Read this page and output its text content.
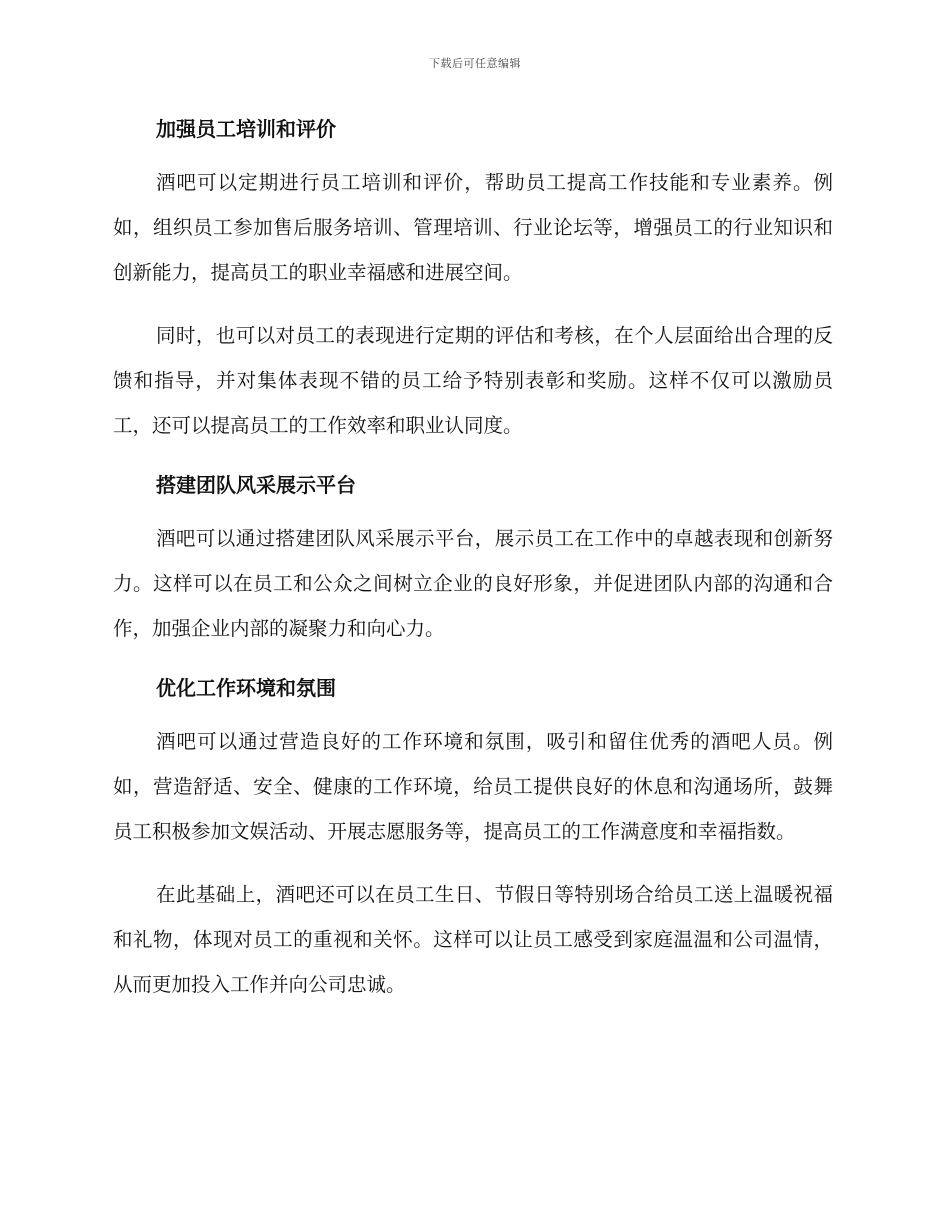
下载后可任意编辑
加强员工培训和评价

酒吧可以定期进行员工培训和评价，帮助员工提高工作技能和专业素养。例如，组织员工参加售后服务培训、管理培训、行业论坛等，增强员工的行业知识和创新能力，提高员工的职业幸福感和进展空间。

同时，也可以对员工的表现进行定期的评估和考核，在个人层面给出合理的反馈和指导，并对集体表现不错的员工给予特别表彰和奖励。这样不仅可以激励员工，还可以提高员工的工作效率和职业认同度。

搭建团队风采展示平台

酒吧可以通过搭建团队风采展示平台，展示员工在工作中的卓越表现和创新努力。这样可以在员工和公众之间树立企业的良好形象，并促进团队内部的沟通和合作，加强企业内部的凝聚力和向心力。

优化工作环境和氛围

酒吧可以通过营造良好的工作环境和氛围，吸引和留住优秀的酒吧人员。例如，营造舒适、安全、健康的工作环境，给员工提供良好的休息和沟通场所，鼓舞员工积极参加文娱活动、开展志愿服务等，提高员工的工作满意度和幸福指数。

在此基础上，酒吧还可以在员工生日、节假日等特别场合给员工送上温暖祝福和礼物，体现对员工的重视和关怀。这样可以让员工感受到家庭温温和公司温情，从而更加投入工作并向公司忠诚。
